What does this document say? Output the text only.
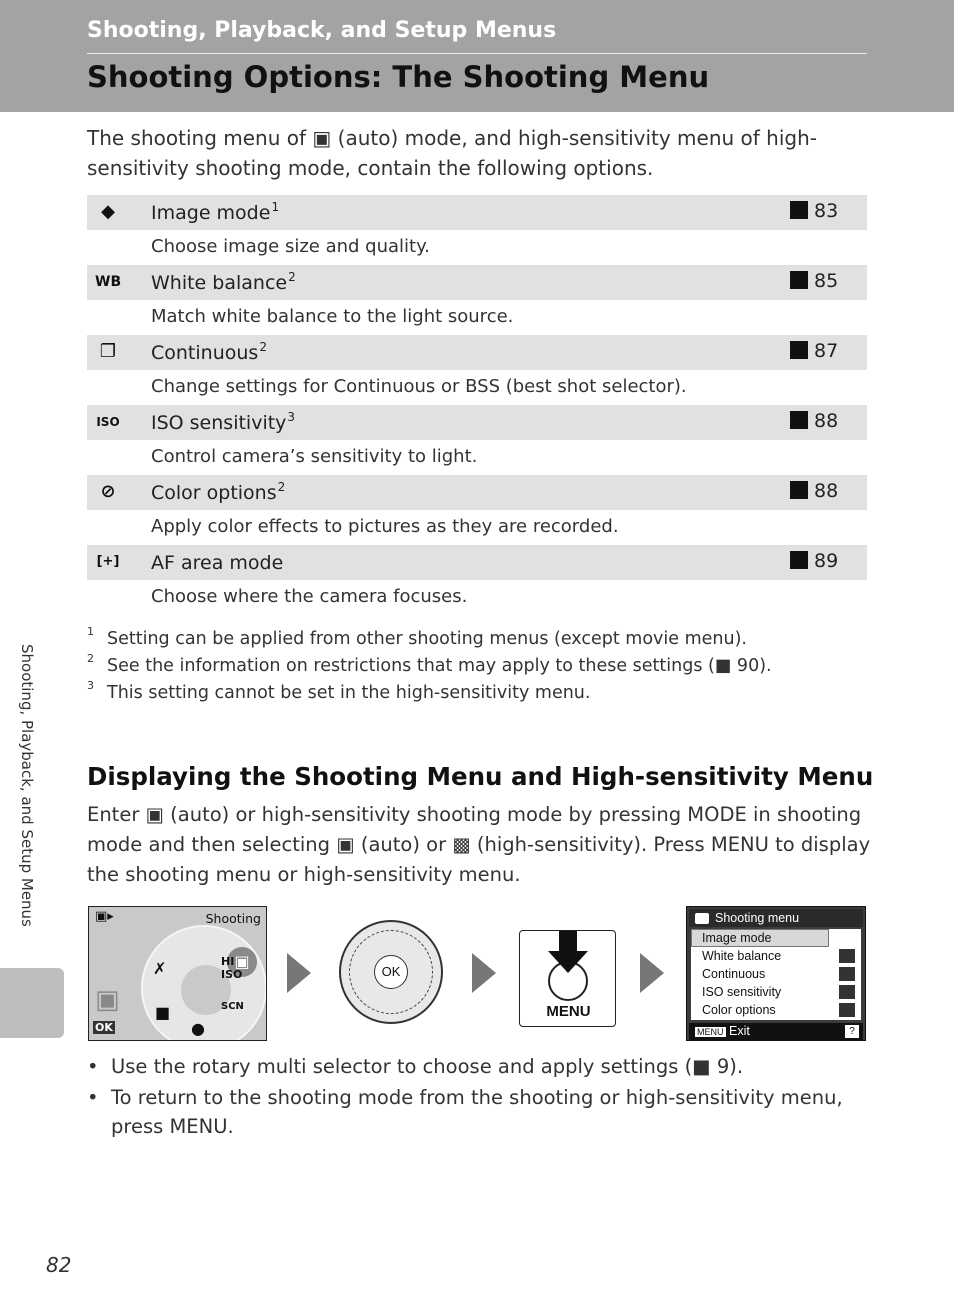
Shooting, Playback, and Setup Menus
Shooting Options: The Shooting Menu
The shooting menu of ▣ (auto) mode, and high-sensitivity menu of high-sensitivity shooting mode, contain the following options.
◆	Image mode$^1$	83
Choose image size and quality.
WB White balance$^2$	85
Match white balance to the light source.
❐ Continuous$^2$	87
Change settings for Continuous or BSS (best shot selector).
ISO ISO sensitivity$^3$	88
Control camera’s sensitivity to light.
⊘ Color options$^2$	88
Apply color effects to pictures as they are recorded.
[+] AF area mode	89
Choose where the camera focuses.
1 Setting can be applied from other shooting menus (except movie menu).
2 See the information on restrictions that may apply to these settings (■ 90).
3 This setting cannot be set in the high-sensitivity menu.
Displaying the Shooting Menu and High-sensitivity Menu
Enter ▣ (auto) or high-sensitivity shooting mode by pressing MODE in shooting mode and then selecting ▣ (auto) or ▩ (high-sensitivity). Press MENU to display the shooting menu or high-sensitivity menu.
Shooting, Playback, and Setup Menus	▣▸	Shooting
▣
✗	HI
ISO
■
●
SCN
▣
OK
OK
MENU
Shooting menu
Image mode
White balance
Continuous
ISO sensitivity
Color options
MENU Exit	?
• Use the rotary multi selector to choose and apply settings (■ 9).
• To return to the shooting mode from the shooting or high-sensitivity menu, press MENU.
82
